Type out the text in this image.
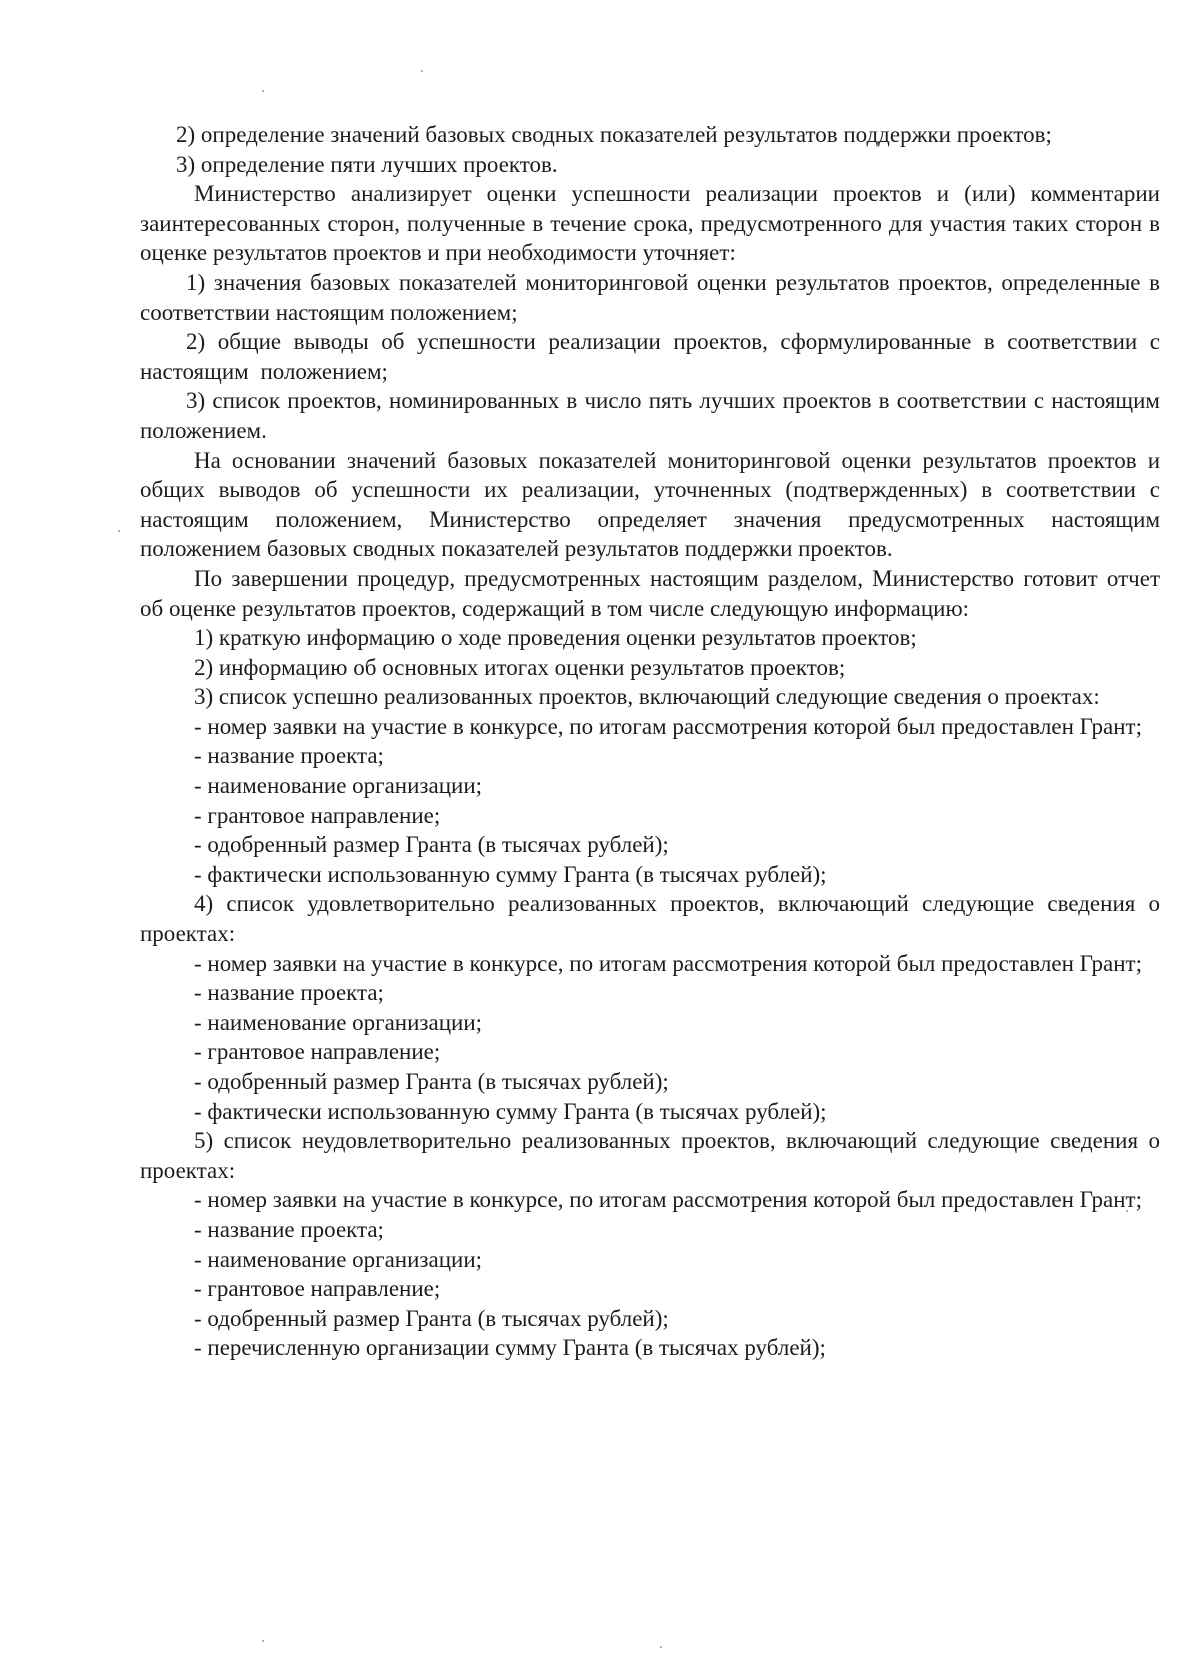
2) определение значений базовых сводных показателей результатов поддержки проектов;

3) определение пяти лучших проектов.

Министерство анализирует оценки успешности реализации проектов и (или) комментарии заинтересованных сторон, полученные в течение срока, предусмотренного для участия таких сторон в оценке результатов проектов и при необходимости уточняет:

1) значения базовых показателей мониторинговой оценки результатов проектов, определенные в соответствии настоящим положением;

2) общие выводы об успешности реализации проектов, сформулированные в соответствии с настоящим положением;

3) список проектов, номинированных в число пять лучших проектов в соответствии с настоящим положением.

На основании значений базовых показателей мониторинговой оценки результатов проектов и общих выводов об успешности их реализации, уточненных (подтвержденных) в соответствии с настоящим положением, Министерство определяет значения предусмотренных настоящим положением базовых сводных показателей результатов поддержки проектов.

По завершении процедур, предусмотренных настоящим разделом, Министерство готовит отчет об оценке результатов проектов, содержащий в том числе следующую информацию:

1) краткую информацию о ходе проведения оценки результатов проектов;

2) информацию об основных итогах оценки результатов проектов;

3) список успешно реализованных проектов, включающий следующие сведения о проектах:

- номер заявки на участие в конкурсе, по итогам рассмотрения которой был предоставлен Грант;

- название проекта;

- наименование организации;

- грантовое направление;

- одобренный размер Гранта (в тысячах рублей);

- фактически использованную сумму Гранта (в тысячах рублей);

4) список удовлетворительно реализованных проектов, включающий следующие сведения о проектах:

- номер заявки на участие в конкурсе, по итогам рассмотрения которой был предоставлен Грант;

- название проекта;

- наименование организации;

- грантовое направление;

- одобренный размер Гранта (в тысячах рублей);

- фактически использованную сумму Гранта (в тысячах рублей);

5) список неудовлетворительно реализованных проектов, включающий следующие сведения о проектах:

- номер заявки на участие в конкурсе, по итогам рассмотрения которой был предоставлен Грант;

- название проекта;

- наименование организации;

- грантовое направление;

- одобренный размер Гранта (в тысячах рублей);

- перечисленную организации сумму Гранта (в тысячах рублей);
